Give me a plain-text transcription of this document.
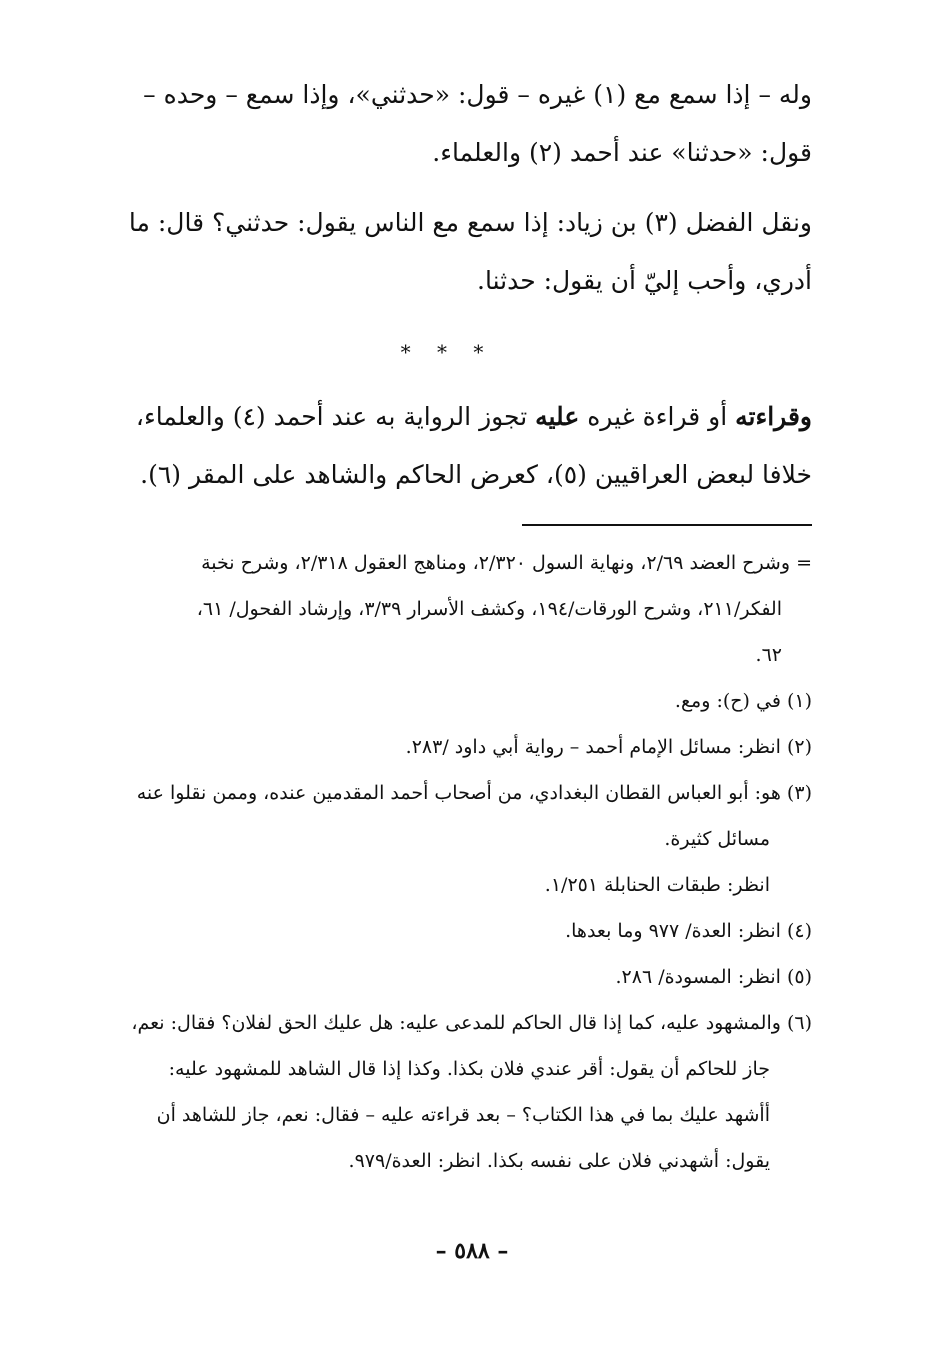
وله – إذا سمع مع (١) غيره – قول: «حدثني»، وإذا سمع – وحده –
قول: «حدثنا» عند أحمد (٢) والعلماء.

ونقل الفضل (٣) بن زياد: إذا سمع مع الناس يقول: حدثني؟ قال: ما
أدري، وأحب إليّ أن يقول: حدثنا.

* * *

وقراءته أو قراءة غيره عليه تجوز الرواية به عند أحمد (٤) والعلماء،
خلافا لبعض العراقيين (٥)، كعرض الحاكم والشاهد على المقر (٦).

= وشرح العضد ٢/٦٩، ونهاية السول ٢/٣٢٠، ومناهج العقول ٢/٣١٨، وشرح نخبة

الفكر/٢١١، وشرح الورقات/١٩٤، وكشف الأسرار ٣/٣٩، وإرشاد الفحول/ ٦١،
٦٢.

(١) في (ح): ومع.

(٢) انظر: مسائل الإمام أحمد – رواية أبي داود /٢٨٣.

(٣) هو: أبو العباس القطان البغدادي، من أصحاب أحمد المقدمين عنده، وممن نقلوا عنه

مسائل كثيرة.
انظر: طبقات الحنابلة ١/٢٥١.

(٤) انظر: العدة/ ٩٧٧ وما بعدها.

(٥) انظر: المسودة/ ٢٨٦.

(٦) والمشهود عليه، كما إذا قال الحاكم للمدعى عليه: هل عليك الحق لفلان؟ فقال: نعم،

جاز للحاكم أن يقول: أقر عندي فلان بكذا. وكذا إذا قال الشاهد للمشهود عليه:
أأشهد عليك بما في هذا الكتاب؟ – بعد قراءته عليه – فقال: نعم، جاز للشاهد أن
يقول: أشهدني فلان على نفسه بكذا. انظر: العدة/٩٧٩.

– ٥٨٨ –
